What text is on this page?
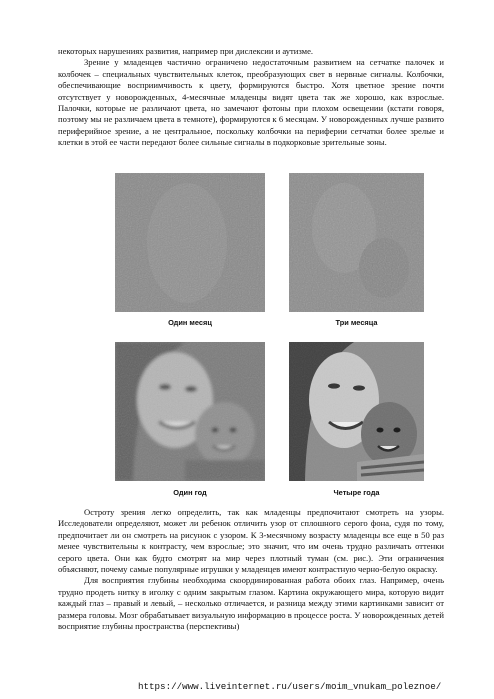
некоторых нарушениях развития, например при дислексии и аутизме.

Зрение у младенцев частично ограничено недостаточным развитием на сетчатке палочек и колбочек – специальных чувствительных клеток, преобразующих свет в нервные сигналы. Колбочки, обеспечивающие восприимчивость к цвету, формируются быстро. Хотя цветное зрение почти отсутствует у новорожденных, 4-месячные младенцы видят цвета так же хорошо, как взрослые. Палочки, которые не различают цвета, но замечают фотоны при плохом освещении (кстати говоря, поэтому мы не различаем цвета в темноте), формируются к 6 месяцам. У новорожденных лучше развито периферийное зрение, а не центральное, поскольку колбочки на периферии сетчатки более зрелые и клетки в этой ее части передают более сильные сигналы в подкорковые зрительные зоны.

Один месяц	Три месяца
Один год	Четыре года

Остроту зрения легко определить, так как младенцы предпочитают смотреть на узоры. Исследователи определяют, может ли ребенок отличить узор от сплошного серого фона, судя по тому, предпочитает ли он смотреть на рисунок с узором. К 3-месячному возрасту младенцы все еще в 50 раз менее чувствительны к контрасту, чем взрослые; это значит, что им очень трудно различать оттенки серого цвета. Они как будто смотрят на мир через плотный туман (см. рис.). Эти ограничения объясняют, почему самые популярные игрушки у младенцев имеют контрастную черно-белую окраску.

Для восприятия глубины необходима скоординированная работа обоих глаз. Например, очень трудно продеть нитку в иголку с одним закрытым глазом. Картина окружающего мира, которую видит каждый глаз – правый и левый, – несколько отличается, и разница между этими картинками зависит от размера головы. Мозг обрабатывает визуальную информацию в процессе роста. У новорожденных детей восприятие глубины пространства (перспективы)

https://www.liveinternet.ru/users/moim_vnukam_poleznoe/
